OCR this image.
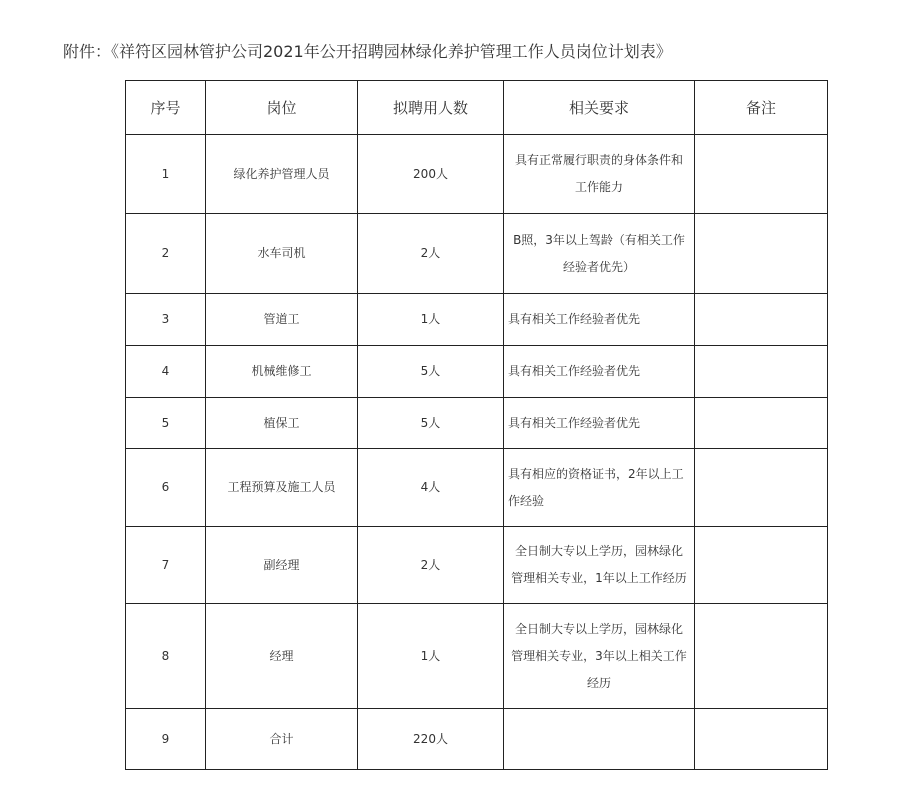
附件：《祥符区园林管护公司2021年公开招聘园林绿化养护管理工作人员岗位计划表》
序号	岗位	拟聘用人数	相关要求	备注
1	绿化养护管理人员	200人	具有正常履行职责的身体条件和工作能力	
2	水车司机	2人	B照，3年以上驾龄（有相关工作经验者优先）	
3	管道工	1人	具有相关工作经验者优先	
4	机械维修工	5人	具有相关工作经验者优先	
5	植保工	5人	具有相关工作经验者优先	
6	工程预算及施工人员	4人	具有相应的资格证书，2年以上工作经验	
7	副经理	2人	全日制大专以上学历，园林绿化管理相关专业，1年以上工作经历	
8	经理	1人	全日制大专以上学历，园林绿化管理相关专业，3年以上相关工作经历	
9	合计	220人		
